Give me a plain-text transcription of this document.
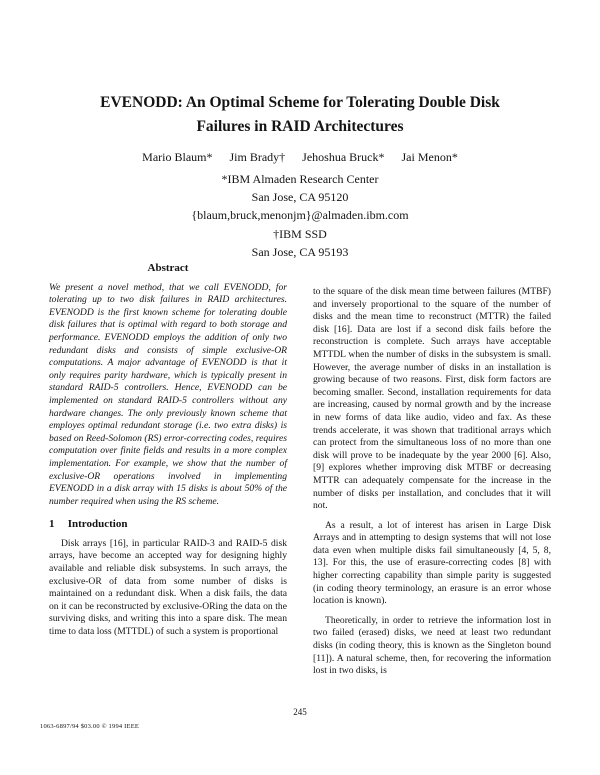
EVENODD: An Optimal Scheme for Tolerating Double Disk
Failures in RAID Architectures
Mario Blaum* Jim Brady† Jehoshua Bruck* Jai Menon*
*IBM Almaden Research Center
San Jose, CA 95120
{blaum,bruck,menonjm}@almaden.ibm.com
†IBM SSD
San Jose, CA 95193
Abstract

We present a novel method, that we call EVENODD, for tolerating up to two disk failures in RAID architectures. EVENODD is the first known scheme for tolerating double disk failures that is optimal with regard to both storage and performance. EVENODD employs the addition of only two redundant disks and consists of simple exclusive-OR computations. A major advantage of EVENODD is that it only requires parity hardware, which is typically present in standard RAID-5 controllers. Hence, EVENODD can be implemented on standard RAID-5 controllers without any hardware changes. The only previously known scheme that employes optimal redundant storage (i.e. two extra disks) is based on Reed-Solomon (RS) error-correcting codes, requires computation over finite fields and results in a more complex implementation. For example, we show that the number of exclusive-OR operations involved in implementing EVENODD in a disk array with 15 disks is about 50% of the number required when using the RS scheme.

1 Introduction

Disk arrays [16], in particular RAID-3 and RAID-5 disk arrays, have become an accepted way for designing highly available and reliable disk subsystems. In such arrays, the exclusive-OR of data from some number of disks is maintained on a redundant disk. When a disk fails, the data on it can be reconstructed by exclusive-ORing the data on the surviving disks, and writing this into a spare disk. The mean time to data loss (MTTDL) of such a system is proportional

to the square of the disk mean time between failures (MTBF) and inversely proportional to the square of the number of disks and the mean time to reconstruct (MTTR) the failed disk [16]. Data are lost if a second disk fails before the reconstruction is complete. Such arrays have acceptable MTTDL when the number of disks in the subsystem is small. However, the average number of disks in an installation is growing because of two reasons. First, disk form factors are becoming smaller. Second, installation requirements for data are increasing, caused by normal growth and by the increase in new forms of data like audio, video and fax. As these trends accelerate, it was shown that traditional arrays which can protect from the simultaneous loss of no more than one disk will prove to be inadequate by the year 2000 [6]. Also, [9] explores whether improving disk MTBF or decreasing MTTR can adequately compensate for the increase in the number of disks per installation, and concludes that it will not.

As a result, a lot of interest has arisen in Large Disk Arrays and in attempting to design systems that will not lose data even when multiple disks fail simultaneously [4, 5, 8, 13]. For this, the use of erasure-correcting codes [8] with higher correcting capability than simple parity is suggested (in coding theory terminology, an erasure is an error whose location is known).

Theoretically, in order to retrieve the information lost in two failed (erased) disks, we need at least two redundant disks (in coding theory, this is known as the Singleton bound [11]). A natural scheme, then, for recovering the information lost in two disks, is

245
1063-6897/94 $03.00 © 1994 IEEE
